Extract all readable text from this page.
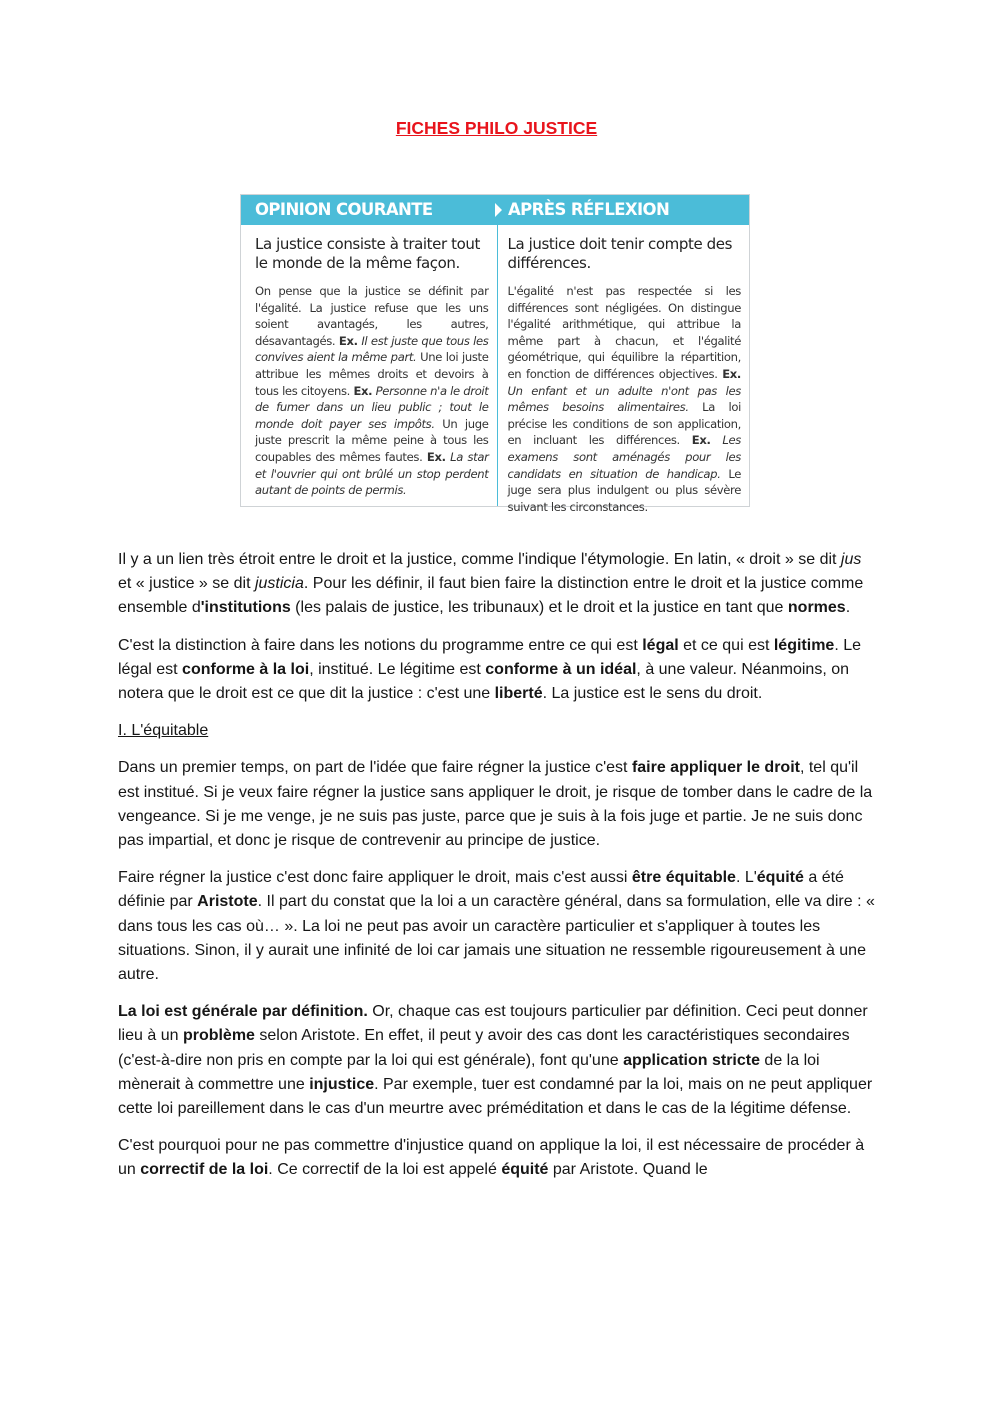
FICHES PHILO JUSTICE
OPINION COURANTE	APRÈS RÉFLEXION
La justice consiste à traiter tout le monde de la même façon.

On pense que la justice se définit par l'égalité. La justice refuse que les uns soient avantagés, les autres, désavantagés. Ex. Il est juste que tous les convives aient la même part. Une loi juste attribue les mêmes droits et devoirs à tous les citoyens. Ex. Personne n'a le droit de fumer dans un lieu public ; tout le monde doit payer ses impôts. Un juge juste prescrit la même peine à tous les coupables des mêmes fautes. Ex. La star et l'ouvrier qui ont brûlé un stop perdent autant de points de permis.

La justice doit tenir compte des différences.

L'égalité n'est pas respectée si les différences sont négligées. On distingue l'égalité arithmétique, qui attribue la même part à chacun, et l'égalité géométrique, qui équilibre la répartition, en fonction de différences objectives. Ex. Un enfant et un adulte n'ont pas les mêmes besoins alimentaires. La loi précise les conditions de son application, en incluant les différences. Ex. Les examens sont aménagés pour les candidats en situation de handicap. Le juge sera plus indulgent ou plus sévère suivant les circonstances.

Il y a un lien très étroit entre le droit et la justice, comme l'indique l'étymologie. En latin, « droit » se dit jus et « justice » se dit justicia. Pour les définir, il faut bien faire la distinction entre le droit et la justice comme ensemble d'institutions (les palais de justice, les tribunaux) et le droit et la justice en tant que normes.

C'est la distinction à faire dans les notions du programme entre ce qui est légal et ce qui est légitime. Le légal est conforme à la loi, institué. Le légitime est conforme à un idéal, à une valeur. Néanmoins, on notera que le droit est ce que dit la justice : c'est une liberté. La justice est le sens du droit.

I. L'équitable

Dans un premier temps, on part de l'idée que faire régner la justice c'est faire appliquer le droit, tel qu'il est institué. Si je veux faire régner la justice sans appliquer le droit, je risque de tomber dans le cadre de la vengeance. Si je me venge, je ne suis pas juste, parce que je suis à la fois juge et partie. Je ne suis donc pas impartial, et donc je risque de contrevenir au principe de justice.

Faire régner la justice c'est donc faire appliquer le droit, mais c'est aussi être équitable. L'équité a été définie par Aristote. Il part du constat que la loi a un caractère général, dans sa formulation, elle va dire : « dans tous les cas où… ». La loi ne peut pas avoir un caractère particulier et s'appliquer à toutes les situations. Sinon, il y aurait une infinité de loi car jamais une situation ne ressemble rigoureusement à une autre.

La loi est générale par définition. Or, chaque cas est toujours particulier par définition. Ceci peut donner lieu à un problème selon Aristote. En effet, il peut y avoir des cas dont les caractéristiques secondaires (c'est-à-dire non pris en compte par la loi qui est générale), font qu'une application stricte de la loi mènerait à commettre une injustice. Par exemple, tuer est condamné par la loi, mais on ne peut appliquer cette loi pareillement dans le cas d'un meurtre avec préméditation et dans le cas de la légitime défense.

C'est pourquoi pour ne pas commettre d'injustice quand on applique la loi, il est nécessaire de procéder à un correctif de la loi. Ce correctif de la loi est appelé équité par Aristote. Quand le
